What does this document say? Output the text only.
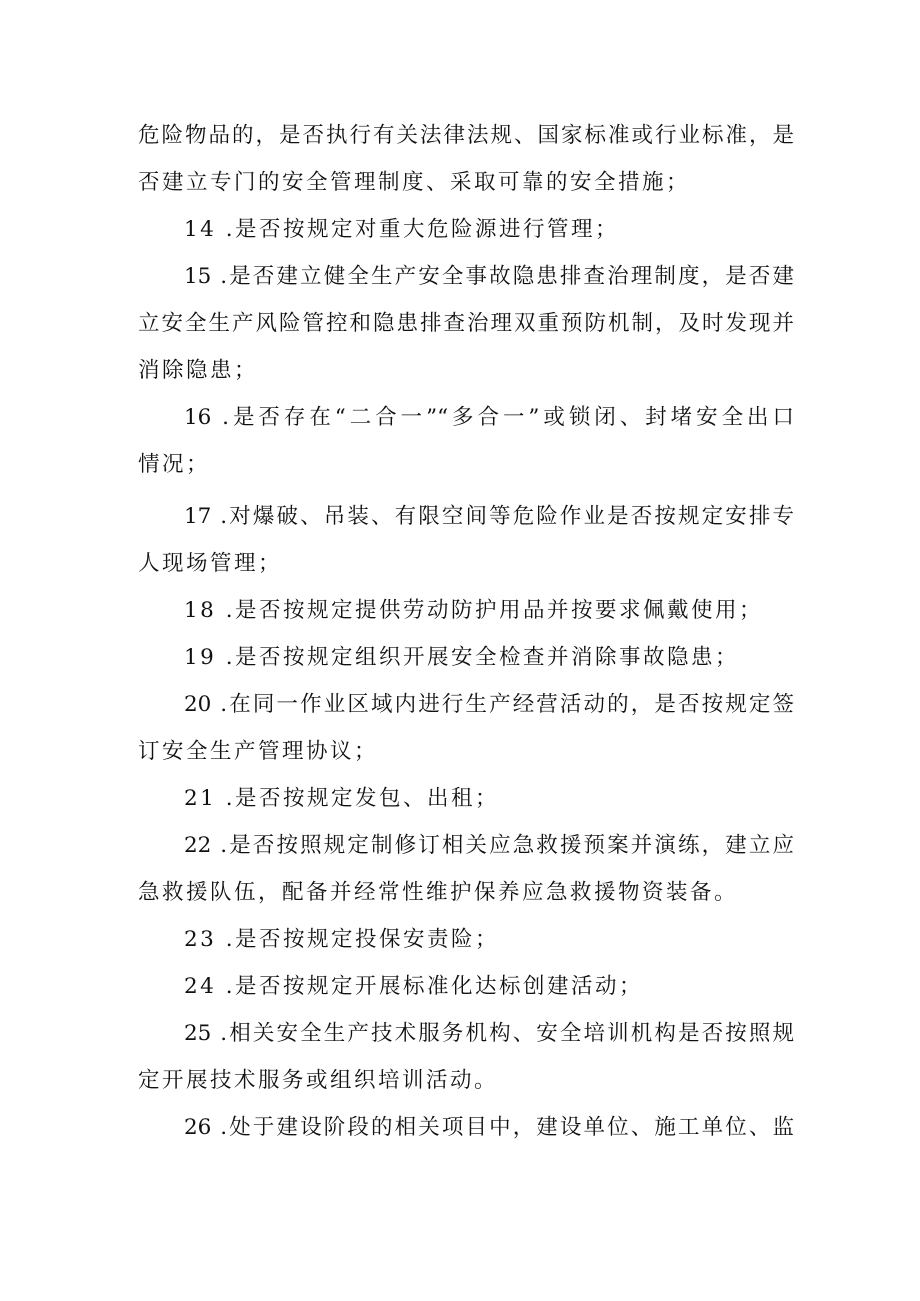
危险物品的，是否执行有关法律法规、国家标准或行业标准，是
否建立专门的安全管理制度、采取可靠的安全措施；
14 .是否按规定对重大危险源进行管理；
15 .是否建立健全生产安全事故隐患排查治理制度，是否建
立安全生产风险管控和隐患排查治理双重预防机制，及时发现并
消除隐患；
16 .是否存在“二合一”“多合一”或锁闭、封堵安全出口
情况；
17 .对爆破、吊装、有限空间等危险作业是否按规定安排专
人现场管理；
18 .是否按规定提供劳动防护用品并按要求佩戴使用；
19 .是否按规定组织开展安全检查并消除事故隐患；
20 .在同一作业区域内进行生产经营活动的，是否按规定签
订安全生产管理协议；
21 .是否按规定发包、出租；
22 .是否按照规定制修订相关应急救援预案并演练，建立应
急救援队伍，配备并经常性维护保养应急救援物资装备。
23 .是否按规定投保安责险；
24 .是否按规定开展标准化达标创建活动；
25 .相关安全生产技术服务机构、安全培训机构是否按照规
定开展技术服务或组织培训活动。
26 .处于建设阶段的相关项目中，建设单位、施工单位、监
